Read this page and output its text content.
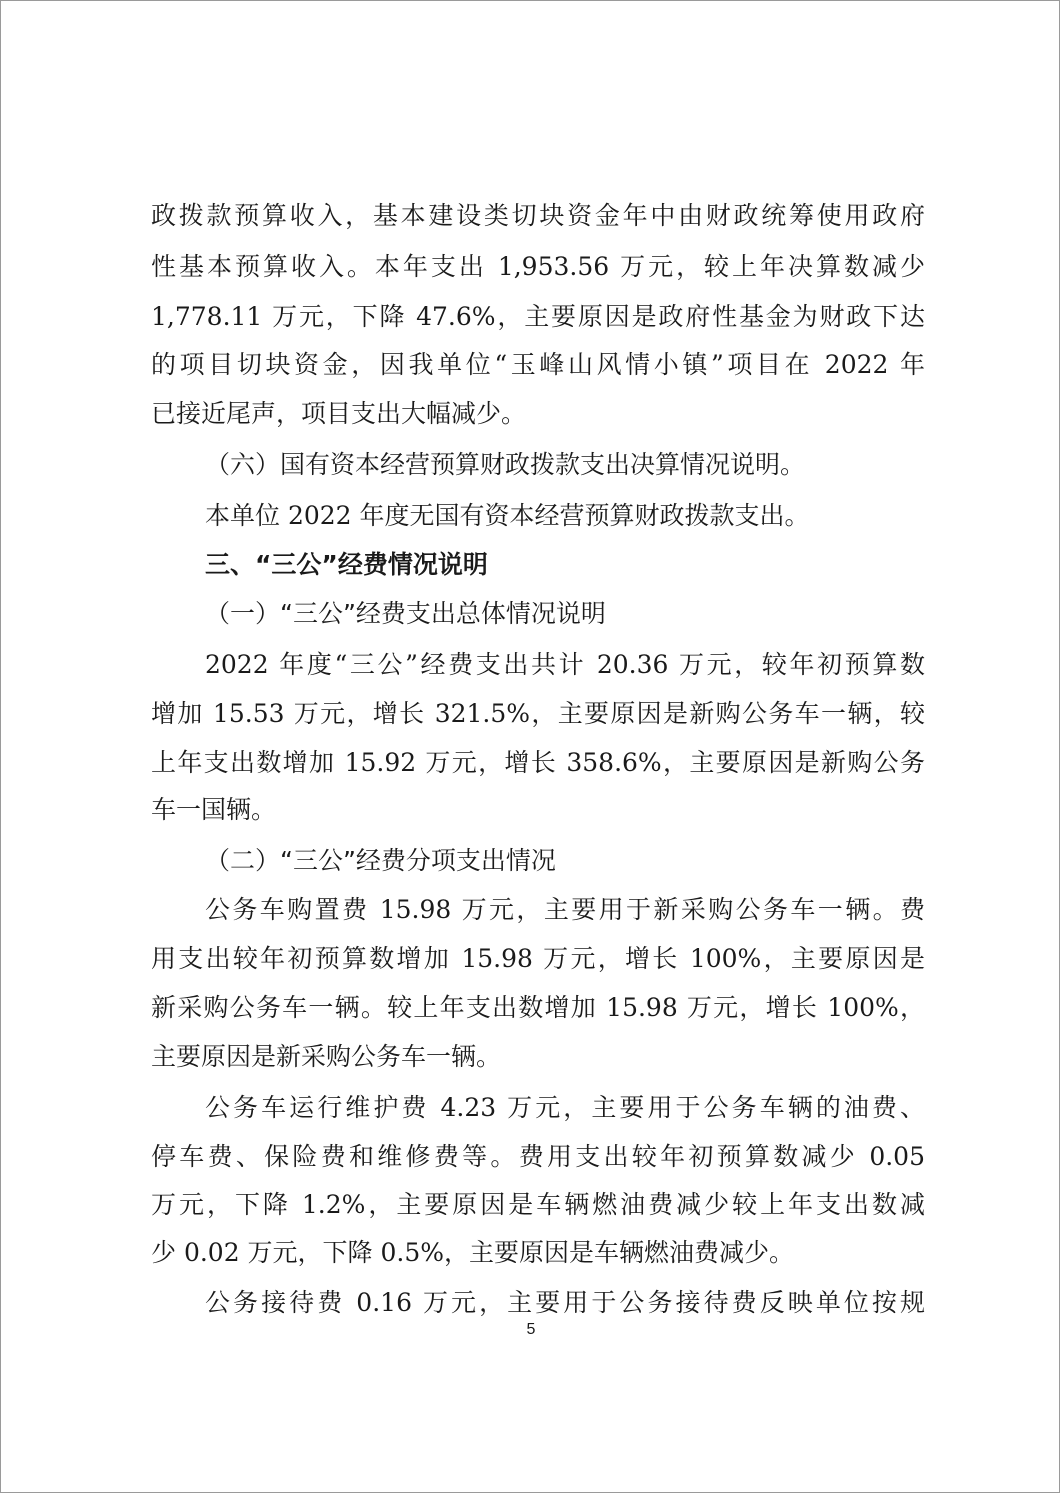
政拨款预算收入，基本建设类切块资金年中由财政统筹使用政府
性基本预算收入。本年支出 1,953.56 万元，较上年决算数减少
1,778.11 万元，下降 47.6%，主要原因是政府性基金为财政下达
的项目切块资金，因我单位“玉峰山风情小镇”项目在 2022 年
已接近尾声，项目支出大幅减少。
（六）国有资本经营预算财政拨款支出决算情况说明。
本单位 2022 年度无国有资本经营预算财政拨款支出。
三、“三公”经费情况说明
（一）“三公”经费支出总体情况说明
2022 年度“三公”经费支出共计 20.36 万元，较年初预算数
增加 15.53 万元，增长 321.5%，主要原因是新购公务车一辆，较
上年支出数增加 15.92 万元，增长 358.6%，主要原因是新购公务
车一国辆。
（二）“三公”经费分项支出情况
公务车购置费 15.98 万元，主要用于新采购公务车一辆。费
用支出较年初预算数增加 15.98 万元，增长 100%，主要原因是
新采购公务车一辆。较上年支出数增加 15.98 万元，增长 100%，
主要原因是新采购公务车一辆。
公务车运行维护费 4.23 万元，主要用于公务车辆的油费、
停车费、保险费和维修费等。费用支出较年初预算数减少 0.05
万元，下降 1.2%，主要原因是车辆燃油费减少较上年支出数减
少 0.02 万元，下降 0.5%，主要原因是车辆燃油费减少。
公务接待费 0.16 万元，主要用于公务接待费反映单位按规
5
